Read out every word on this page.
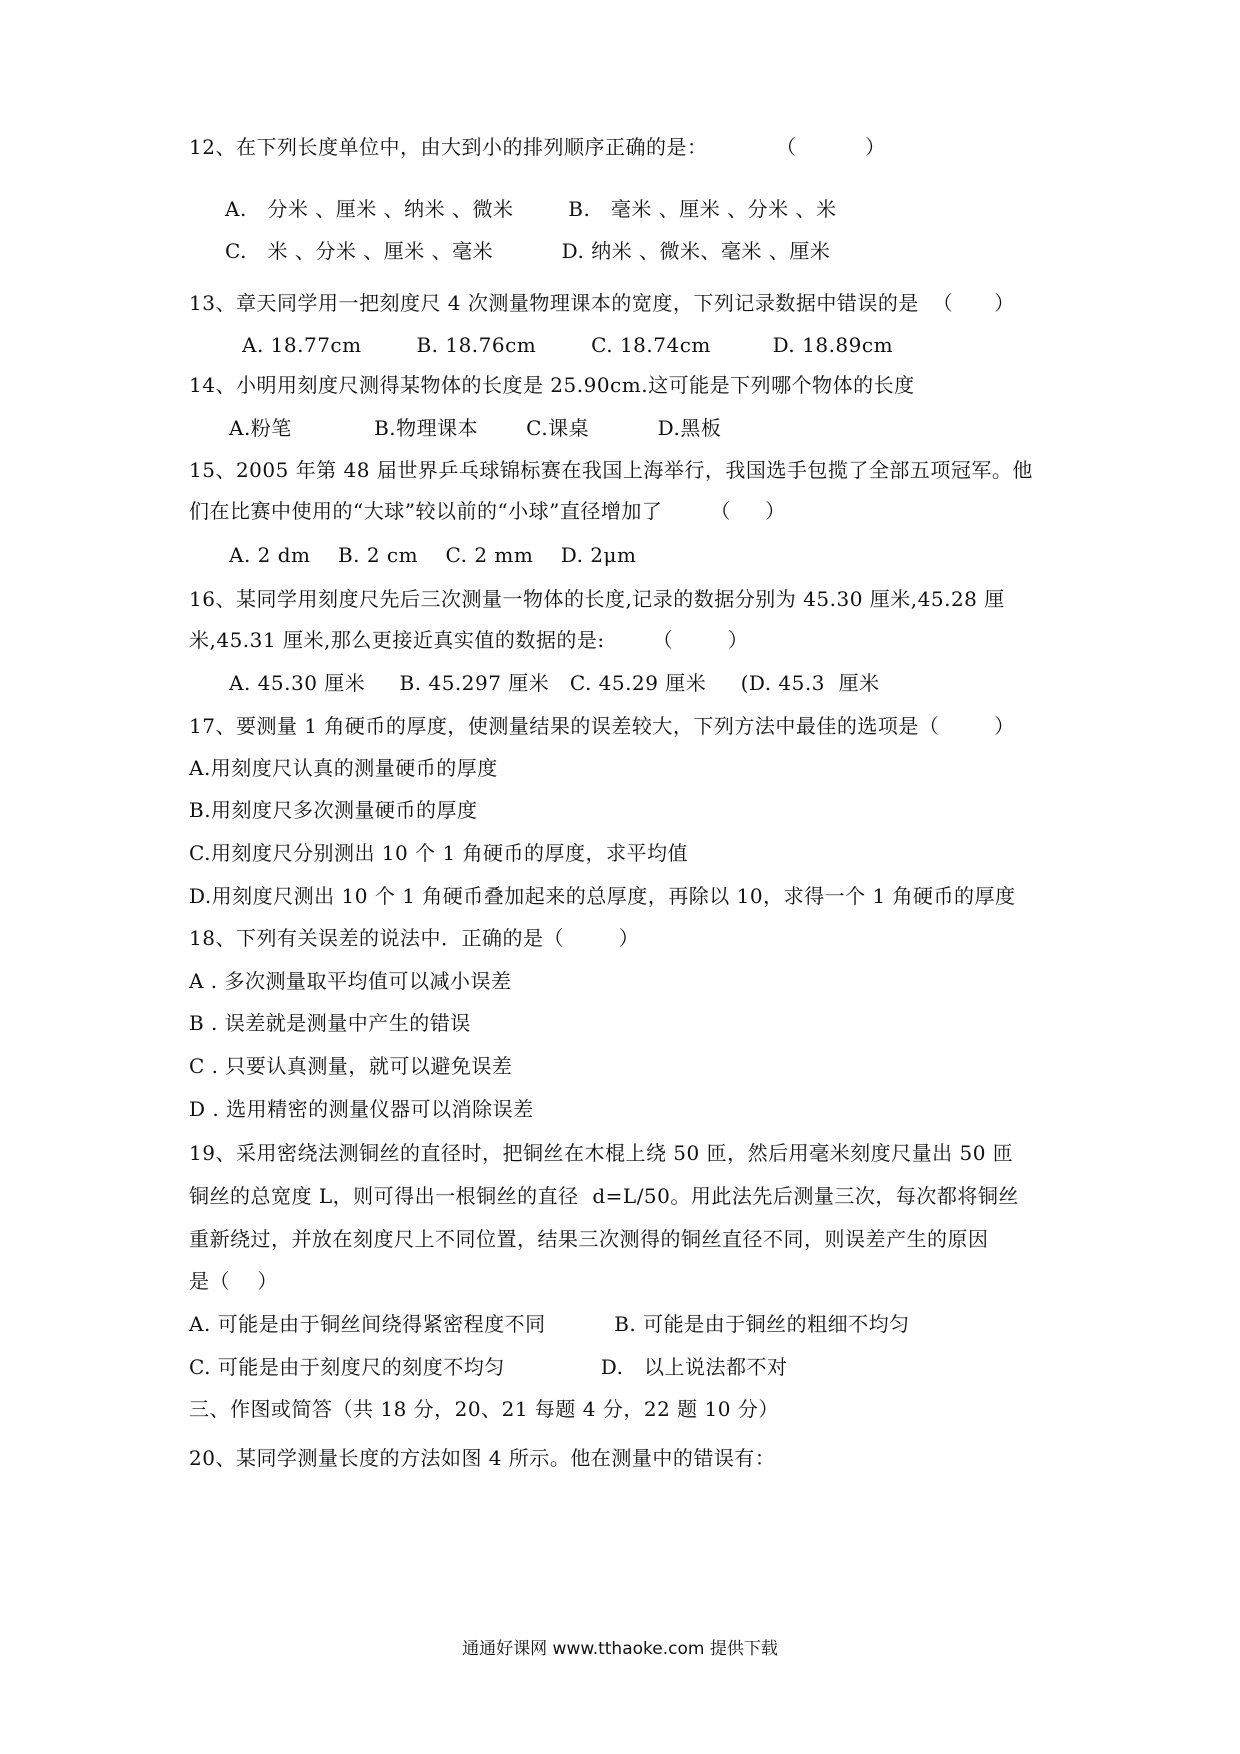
12、在下列长度单位中，由大到小的排列顺序正确的是：          （          ）
A.   分米 、厘米 、纳米 、微米        B.   毫米 、厘米 、分米 、米
C.   米 、分米 、厘米 、毫米          D. 纳米 、微米、毫米 、厘米
13、章天同学用一把刻度尺 4 次测量物理课本的宽度，下列记录数据中错误的是  （      ）
A. 18.77cm        B. 18.76cm        C. 18.74cm         D. 18.89cm
14、小明用刻度尺测得某物体的长度是 25.90cm.这可能是下列哪个物体的长度
A.粉笔            B.物理课本       C.课桌          D.黑板
15、2005 年第 48 届世界乒乓球锦标赛在我国上海举行，我国选手包揽了全部五项冠军。他
们在比赛中使用的“大球”较以前的“小球”直径增加了       （     ）
A. 2 dm    B. 2 cm    C. 2 mm    D. 2μm
16、某同学用刻度尺先后三次测量一物体的长度,记录的数据分别为 45.30 厘米,45.28 厘
米,45.31 厘米,那么更接近真实值的数据的是:       （        ）
A. 45.30 厘米     B. 45.297 厘米   C. 45.29 厘米     (D. 45.3  厘米
17、要测量 1 角硬币的厚度，使测量结果的误差较大，下列方法中最佳的选项是（        ）
A.用刻度尺认真的测量硬币的厚度
B.用刻度尺多次测量硬币的厚度
C.用刻度尺分别测出 10 个 1 角硬币的厚度，求平均值
D.用刻度尺测出 10 个 1 角硬币叠加起来的总厚度，再除以 10，求得一个 1 角硬币的厚度
18、下列有关误差的说法中．正确的是（        ）
A . 多次测量取平均值可以减小误差
B . 误差就是测量中产生的错误
C . 只要认真测量，就可以避免误差
D . 选用精密的测量仪器可以消除误差
19、采用密绕法测铜丝的直径时，把铜丝在木棍上绕 50 匝，然后用毫米刻度尺量出 50 匝
铜丝的总宽度 L，则可得出一根铜丝的直径  d=L/50。用此法先后测量三次，每次都将铜丝
重新绕过，并放在刻度尺上不同位置，结果三次测得的铜丝直径不同，则误差产生的原因
是（    ）
A. 可能是由于铜丝间绕得紧密程度不同          B. 可能是由于铜丝的粗细不均匀
C. 可能是由于刻度尺的刻度不均匀              D.   以上说法都不对
三、作图或简答（共 18 分，20、21 每题 4 分，22 题 10 分）
20、某同学测量长度的方法如图 4 所示。他在测量中的错误有：
通通好课网 www.tthaoke.com 提供下载
